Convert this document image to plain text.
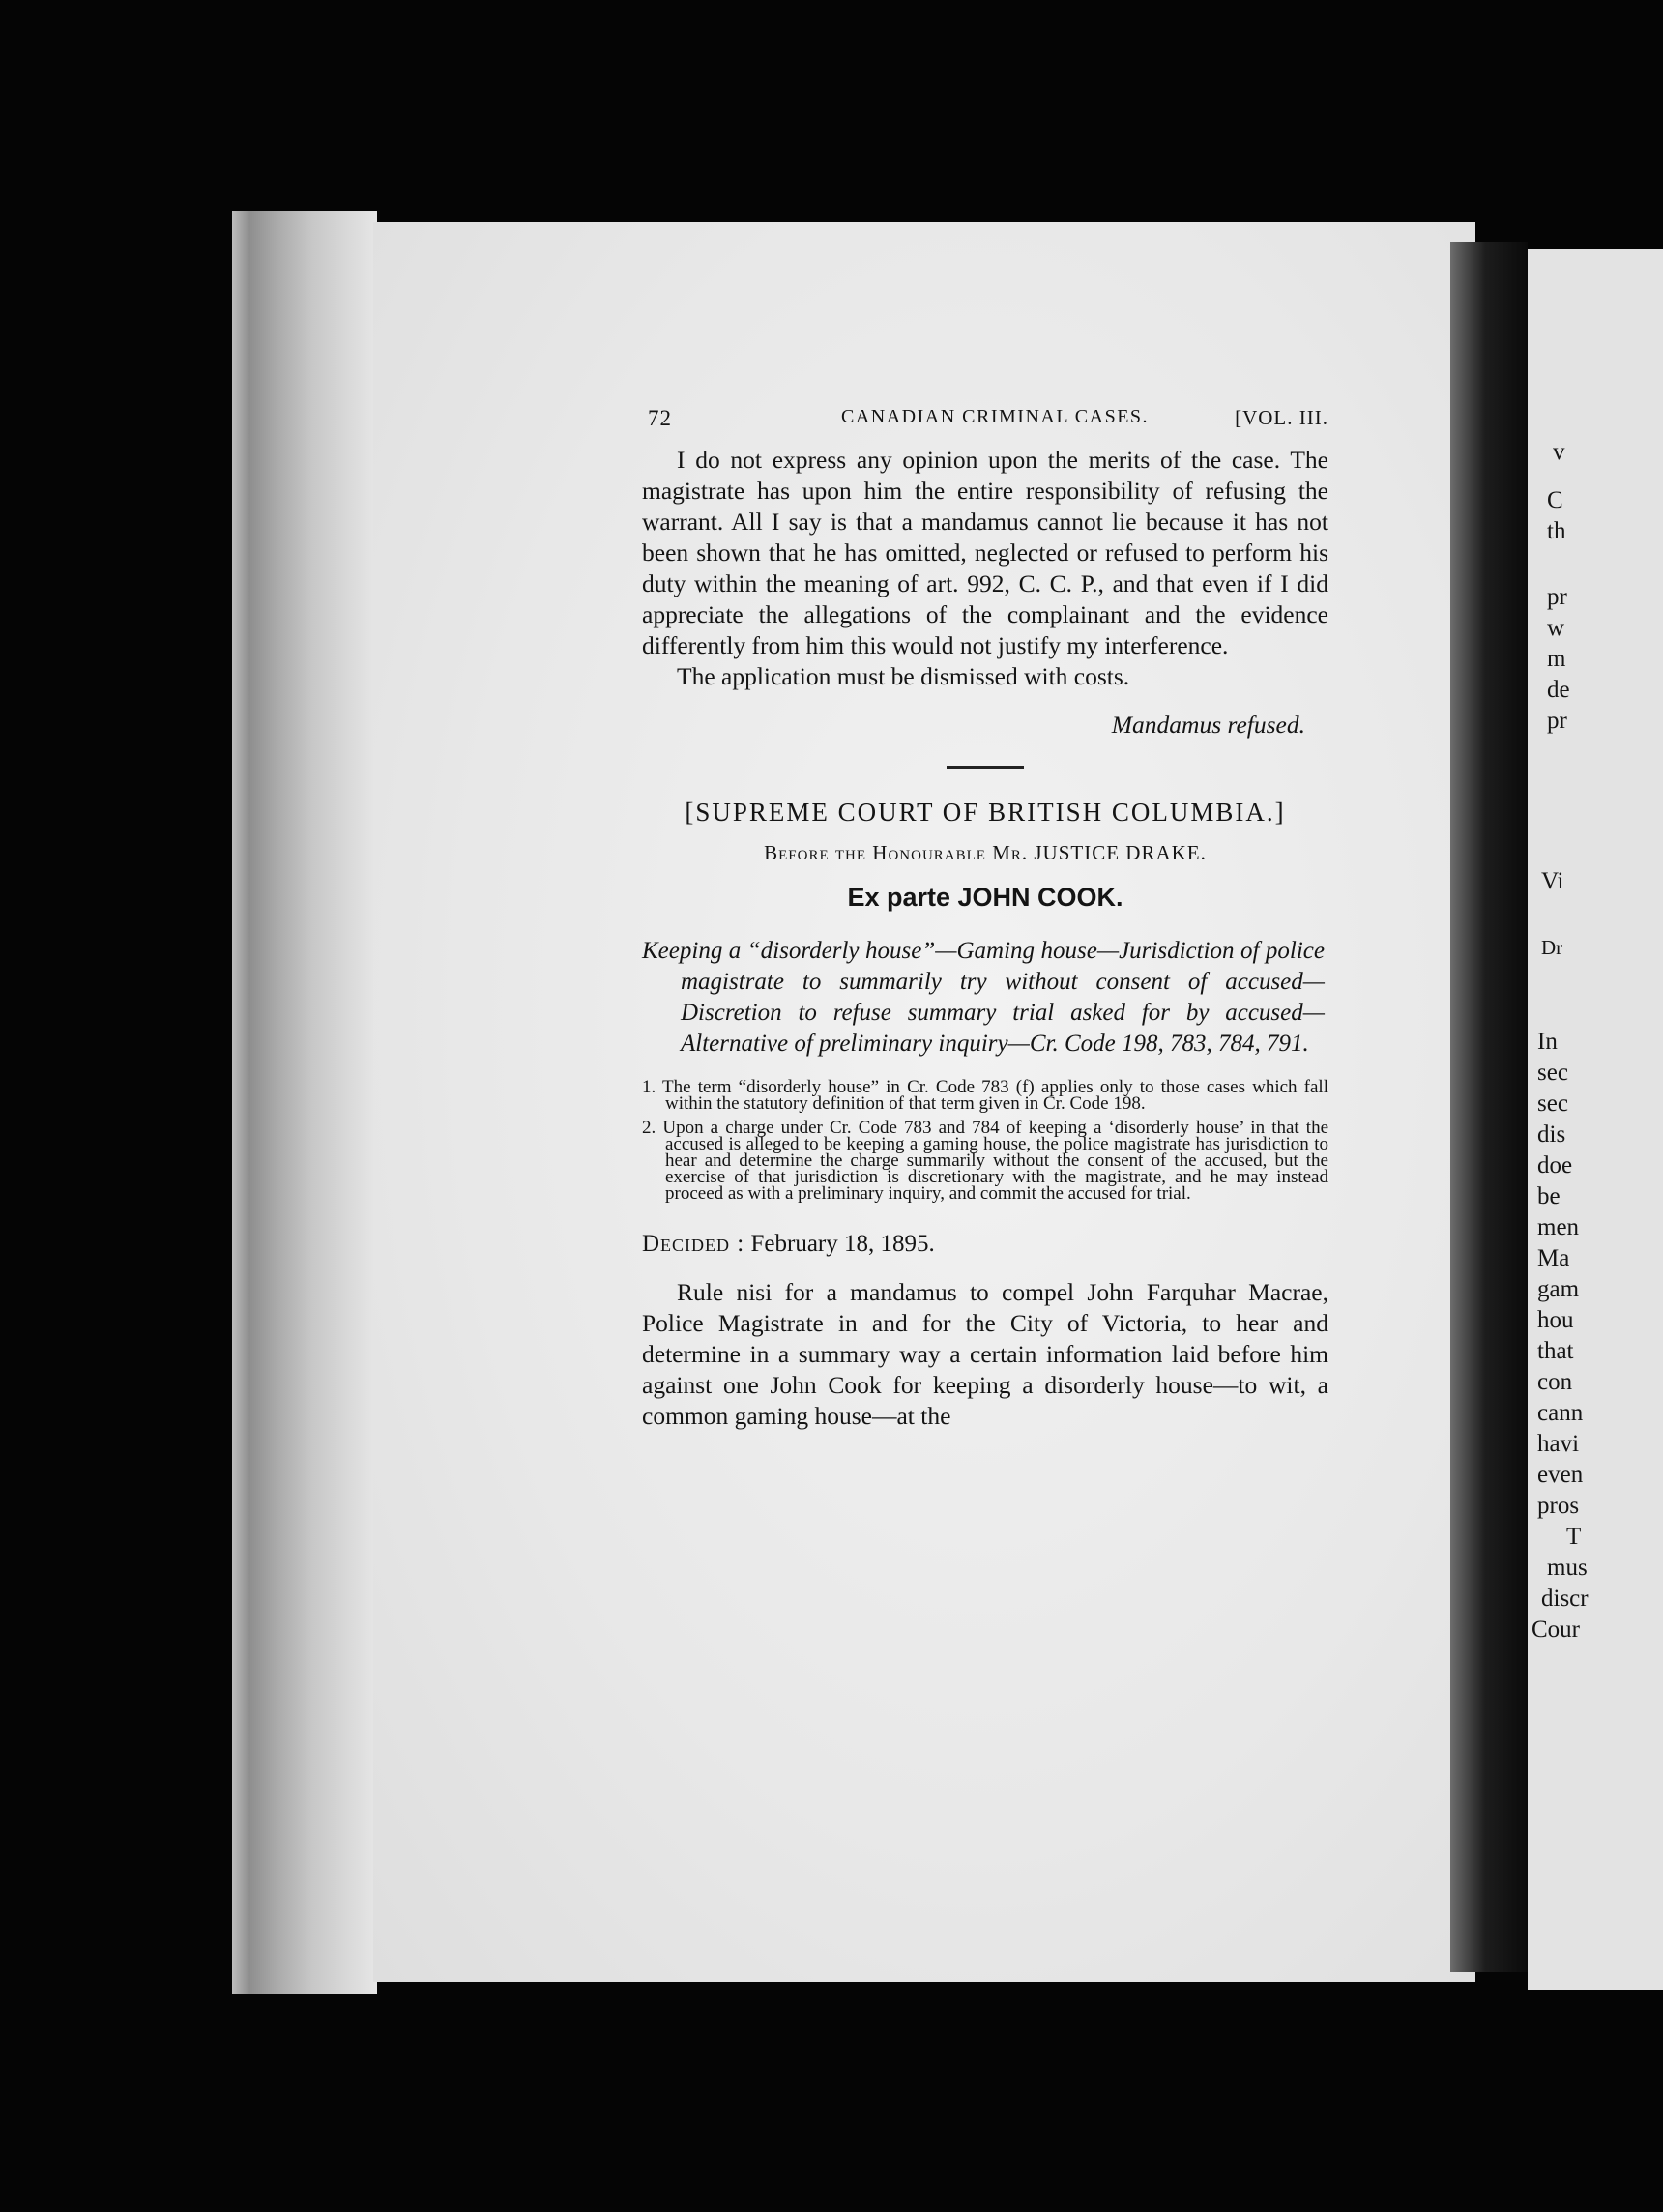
v
C
th
pr
w
m
de
pr
Vi
Dr
In
sec
sec
dis
doe
be
men
Ma
gam
hou
that
con
cann
havi
even
pros
T
mus
discr
Cour
72	CANADIAN CRIMINAL CASES.	[VOL. III.

I do not express any opinion upon the merits of the case. The magistrate has upon him the entire responsibility of refusing the warrant. All I say is that a mandamus cannot lie because it has not been shown that he has omitted, neglected or refused to perform his duty within the meaning of art. 992, C. C. P., and that even if I did appreciate the allegations of the complainant and the evidence differently from him this would not justify my interference.

The application must be dismissed with costs.

Mandamus refused.

[SUPREME COURT OF BRITISH COLUMBIA.]

Before the Honourable Mr. JUSTICE DRAKE.

Ex parte JOHN COOK.

Keeping a “disorderly house”—Gaming house—Jurisdiction of police magistrate to summarily try without consent of accused—Discretion to refuse summary trial asked for by accused—Alternative of preliminary inquiry—Cr. Code 198, 783, 784, 791.

1. The term “disorderly house” in Cr. Code 783 (f) applies only to those cases which fall within the statutory definition of that term given in Cr. Code 198.

2. Upon a charge under Cr. Code 783 and 784 of keeping a ‘disorderly house’ in that the accused is alleged to be keeping a gaming house, the police magistrate has jurisdiction to hear and determine the charge summarily without the consent of the accused, but the exercise of that jurisdiction is discretionary with the magistrate, and he may instead proceed as with a preliminary inquiry, and commit the accused for trial.

Decided : February 18, 1895.

Rule nisi for a mandamus to compel John Farquhar Macrae, Police Magistrate in and for the City of Victoria, to hear and determine in a summary way a certain information laid before him against one John Cook for keeping a disorderly house—to wit, a common gaming house—at the
